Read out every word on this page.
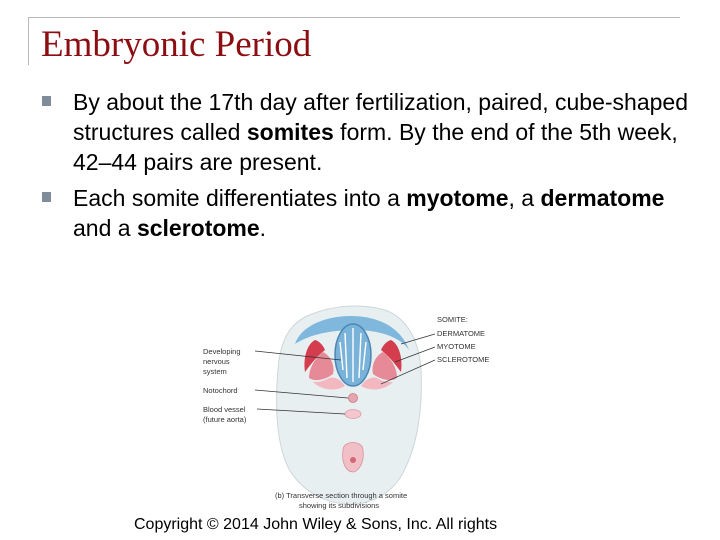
Embryonic Period
By about the 17th day after fertilization, paired, cube-shaped structures called somites form. By the end of the 5th week, 42–44 pairs are present.
Each somite differentiates into a myotome, a dermatome and a sclerotome.
SOMITE:
DERMATOME
MYOTOME
SCLEROTOME
Developing
nervous
system
Notochord
Blood vessel
(future aorta)
(b) Transverse section through a somite
showing its subdivisions
Copyright © 2014 John Wiley & Sons, Inc. All rights
